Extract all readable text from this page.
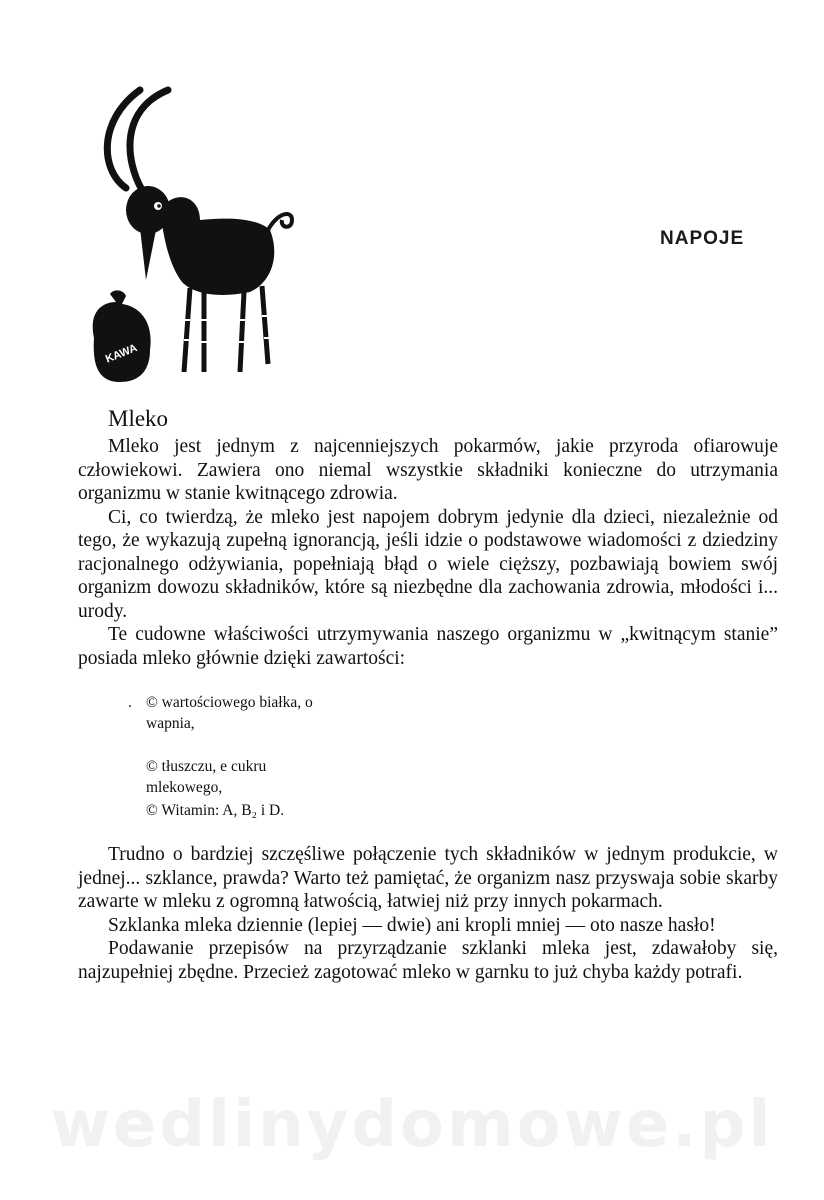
KAWA
NAPOJE
Mleko

Mleko jest jednym z najcenniejszych pokarmów, jakie przyroda ofiarowuje człowiekowi. Zawiera ono niemal wszystkie składniki konieczne do utrzymania organizmu w stanie kwitnącego zdrowia.

Ci, co twierdzą, że mleko jest napojem dobrym jedynie dla dzieci, niezależnie od tego, że wykazują zupełną ignorancją, jeśli idzie o podstawowe wiadomości z dziedziny racjonalnego odżywiania, popełniają błąd o wiele cięższy, pozbawiają bowiem swój organizm dowozu składników, które są niezbędne dla zachowania zdrowia, młodości i... urody.

Te cudowne właściwości utrzymywania naszego organizmu w „kwitnącym stanie” posiada mleko głównie dzięki zawartości:

. © wartościowego białka, o
wapnia,
© tłuszczu, e cukru
mlekowego,
© Witamin: A, B₂ i D.

Trudno o bardziej szczęśliwe połączenie tych składników w jednym produkcie, w jednej... szklance, prawda? Warto też pamiętać, że organizm nasz przyswaja sobie skarby zawarte w mleku z ogromną łatwością, łatwiej niż przy innych pokarmach.

Szklanka mleka dziennie (lepiej — dwie) ani kropli mniej — oto nasze hasło!

Podawanie przepisów na przyrządzanie szklanki mleka jest, zdawałoby się, najzupełniej zbędne. Przecież zagotować mleko w garnku to już chyba każdy potrafi.

wedlinydomowe.pl
